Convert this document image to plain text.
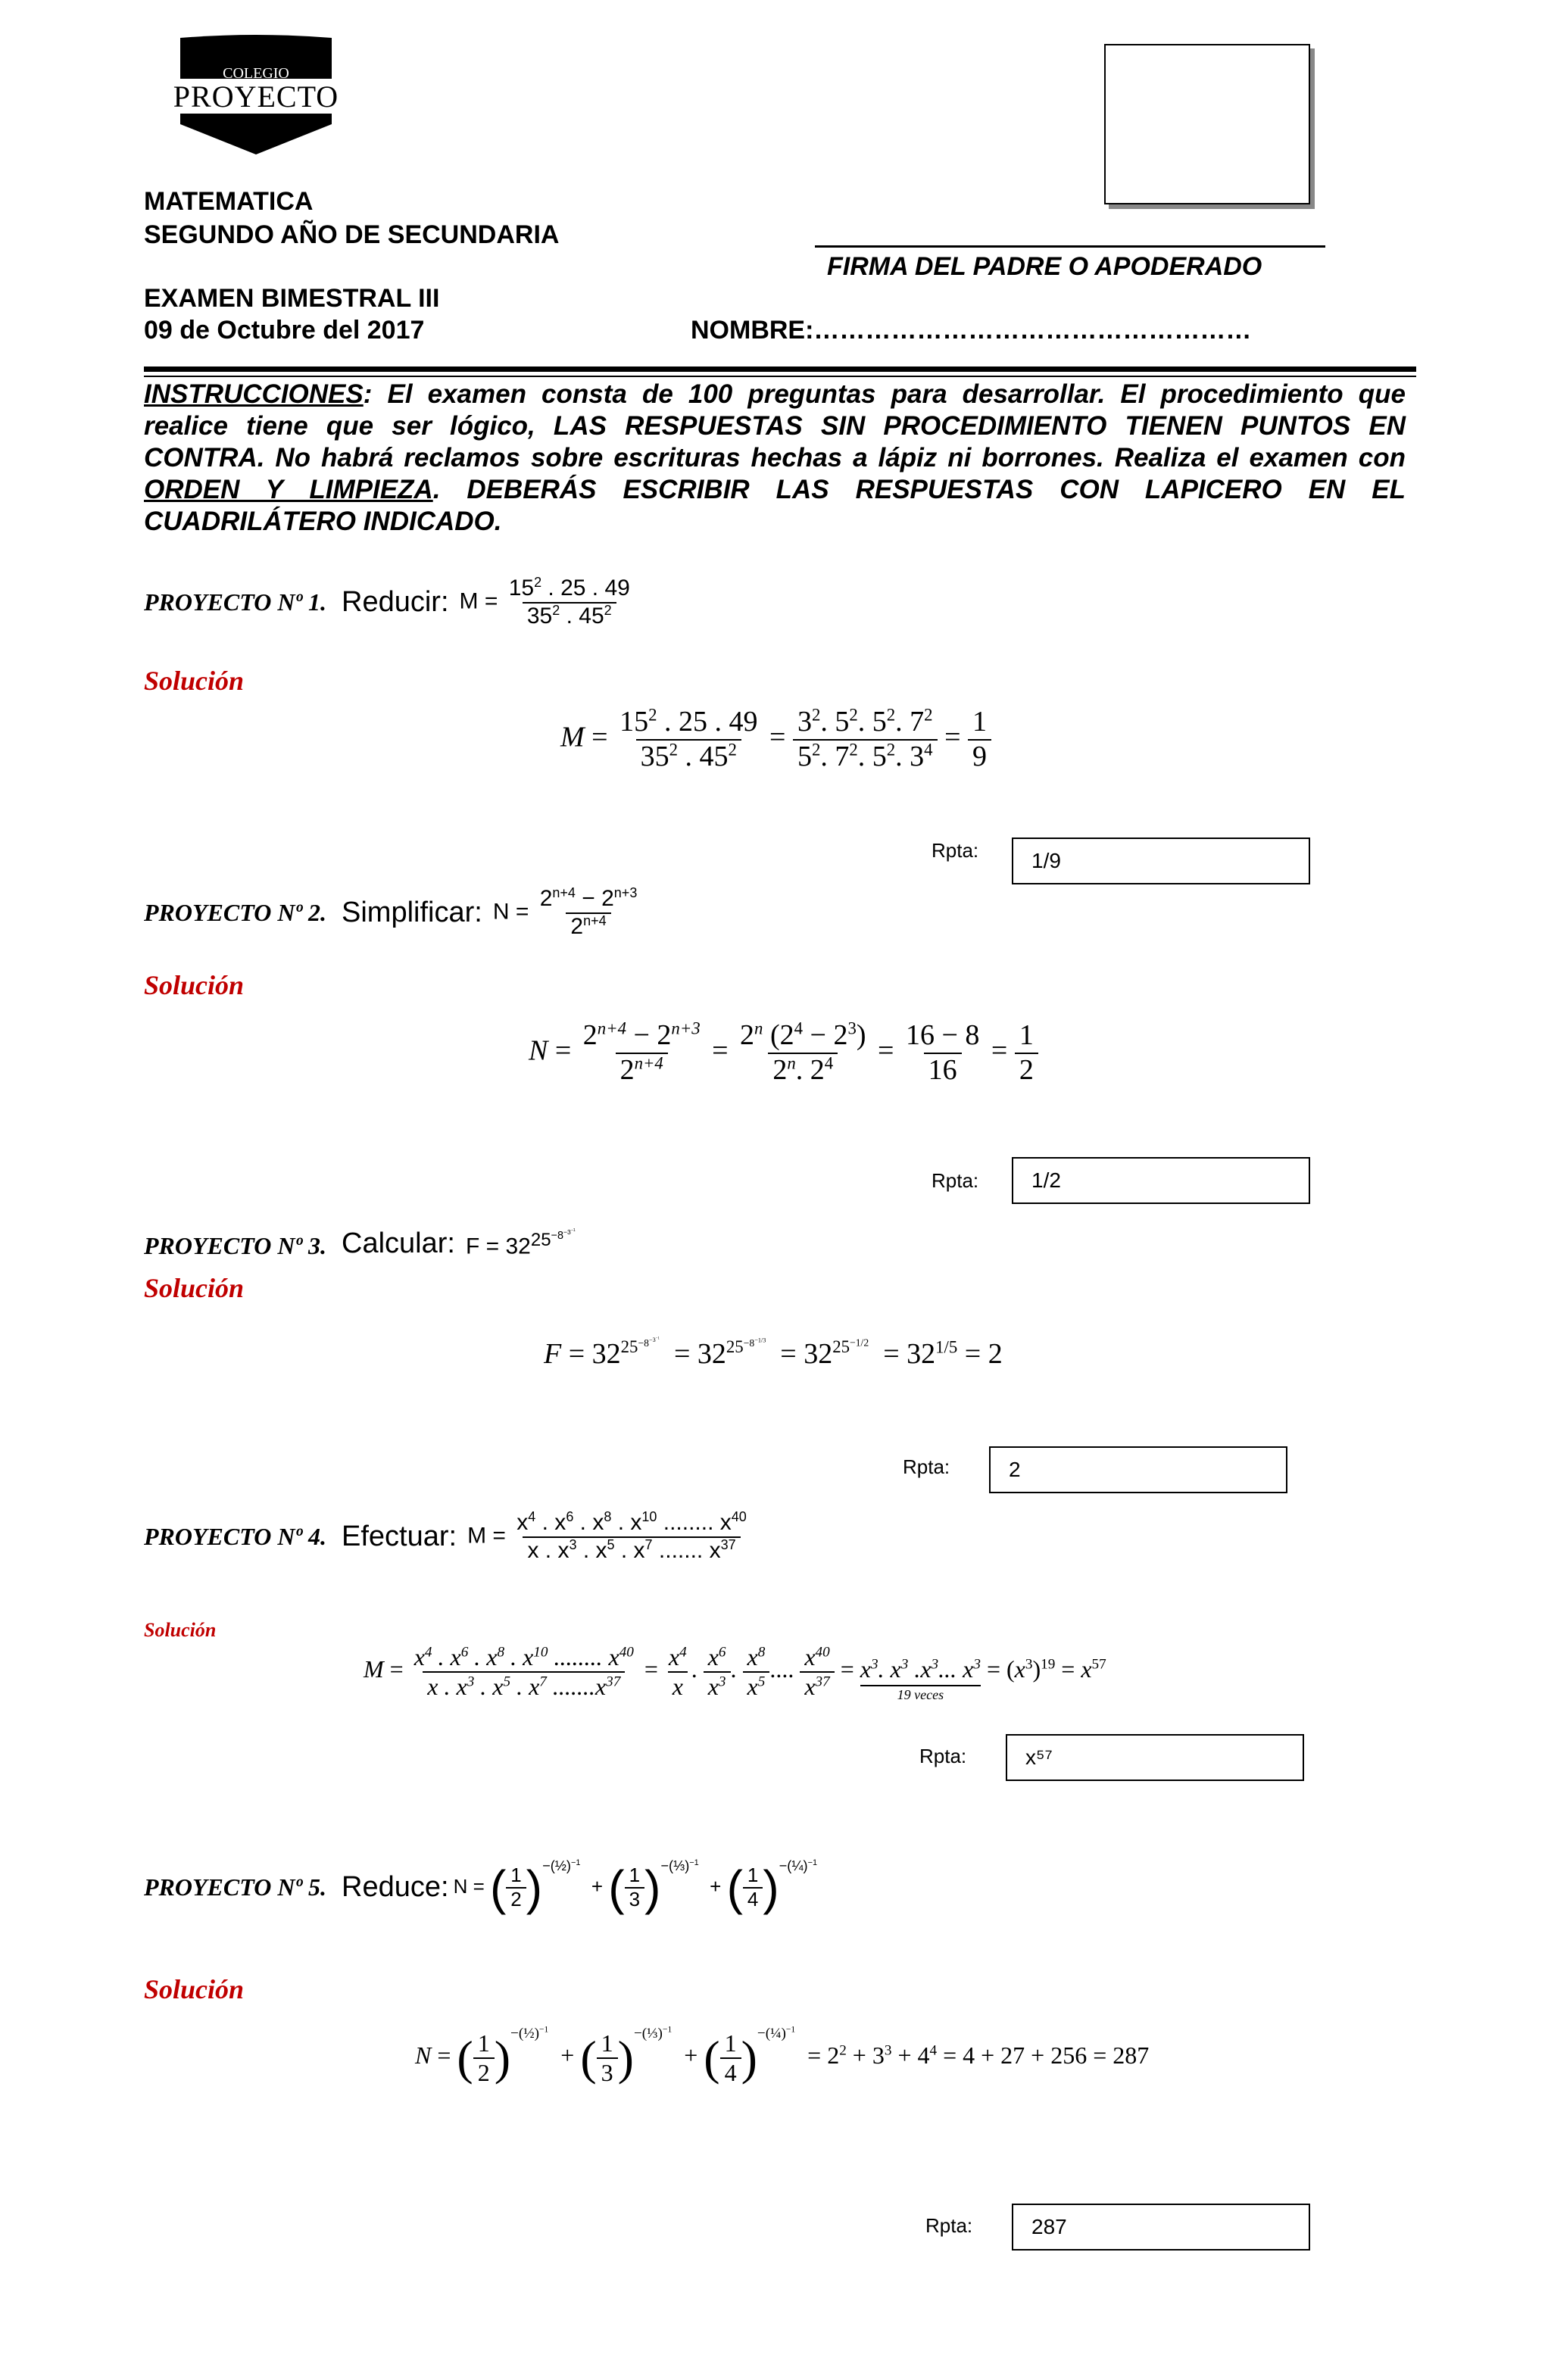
COLEGIO
PROYECTO
MATEMATICA
SEGUNDO AÑO DE SECUNDARIA
EXAMEN BIMESTRAL III
09 de Octubre del 2017
FIRMA DEL PADRE O APODERADO
NOMBRE:……………………………………………
INSTRUCCIONES: El examen consta de 100 preguntas para desarrollar. El procedimiento que realice tiene que ser lógico, LAS RESPUESTAS SIN PROCEDIMIENTO TIENEN PUNTOS EN CONTRA. No habrá reclamos sobre escrituras hechas a lápiz ni borrones. Realiza el examen con ORDEN Y LIMPIEZA. DEBERÁS ESCRIBIR LAS RESPUESTAS CON LAPICERO EN EL CUADRILÁTERO INDICADO.
PROYECTO Nº 1. Reducir: $M = \frac{15^2 . 25 . 49}{35^2 . 45^2}$
Solución
$M = \frac{15^2 . 25 . 49}{35^2 . 45^2} = \frac{3^2. 5^2. 5^2. 7^2}{5^2. 7^2. 5^2. 3^4} = \frac{1}{9}$
Rpta:	1/9
PROYECTO Nº 2. Simplificar: $N = \frac{2^{n+4} - 2^{n+3}}{2^{n+4}}$
Solución
$N = \frac{2^{n+4} - 2^{n+3}}{2^{n+4}} = \frac{2^n (2^4 - 2^3)}{2^n. 2^4} = \frac{16 - 8}{16} = \frac{1}{2}$
Rpta:	1/2
PROYECTO Nº 3. Calcular: $F = 32^{25^{-8^{-3^{-1}}}}$
Solución
$F = 32^{25^{-8^{-3^{-1}}}} = 32^{25^{-8^{-1/3}}} = 32^{25^{-1/2}} = 32^{1/5} = 2$
Rpta:	2
PROYECTO Nº 4. Efectuar: $M = \frac{x^4 . x^6 . x^8 . x^{10} ........ x^{40}}{x . x^3 . x^5 . x^7 ....... x^{37}}$
Solución
$M = \frac{x^4 . x^6 . x^8 . x^{10} ........ x^{40}}{x . x^3 . x^5 . x^7 .......x^{37}} = \frac{x^4}{x}$ . $\frac{x^6}{x^3}$ . $\frac{x^8}{x^5}$ .... $\frac{x^{40}}{x^{37}} = x^3$. $x^3$ $.x^3$... $x^3$
19 veces
= $(x^3)^{19} = x^{57}$
Rpta:	x⁵⁷
PROYECTO Nº 5. Reduce: N = ( $\frac{1}{2} )^{-(\frac{1}{2})^{-1}}$  + ( $\frac{1}{3} )^{-(\frac{1}{3})^{-1}}$  + ( $\frac{1}{4} )^{-(\frac{1}{4})^{-1}}$
Solución
N = ( $\frac{1}{2} )^{-(\frac{1}{2})^{-1}}$  + ( $\frac{1}{3} )^{-(\frac{1}{3})^{-1}}$  + ( $\frac{1}{4} )^{-(\frac{1}{4})^{-1}} = 2^2 + 3^3 + 4^4 = 4 + 27 + 256 = 287$
Rpta:	287
